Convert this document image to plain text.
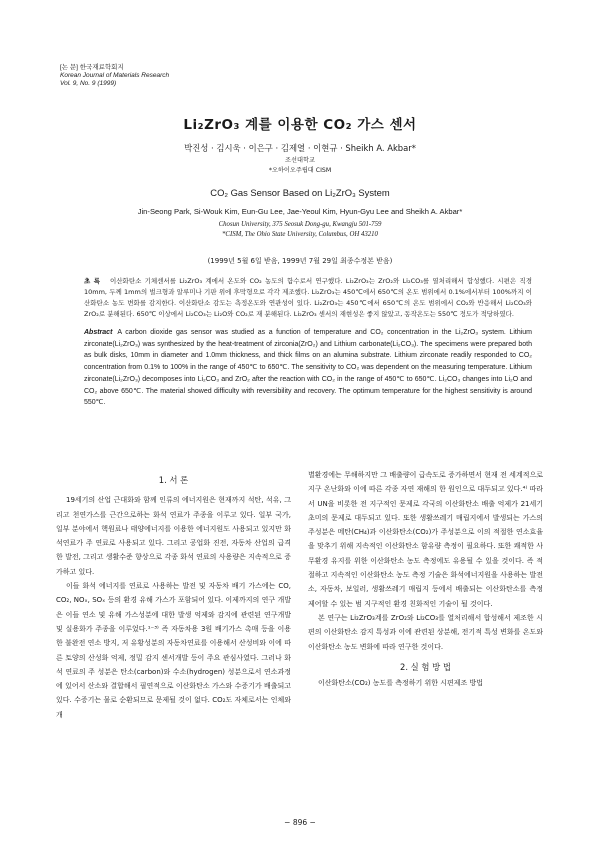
[논 문] 한국재료학회지
Korean Journal of Materials Research
Vol. 9, No. 9 (1999)
Li₂ZrO₃ 계를 이용한 CO₂ 가스 센서
박진성 · 김시욱 · 이은구 · 김제열 · 이현규 · Sheikh A. Akbar*
조선대학교
*오하이오주립대 CISM
CO₂ Gas Sensor Based on Li₂ZrO₃ System
Jin-Seong Park, Si-Wouk Kim, Eun-Gu Lee, Jae-Yeoul Kim, Hyun-Gyu Lee and Sheikh A. Akbar*
Chosun University, 375 Seosuk Dong-gu, Kwangju 501-759
*CISM, The Ohio State University, Columbus, OH 43210
(1999년 5월 6일 받음, 1999년 7월 29일 최종수정본 받음)
초 록 이산화탄소 기체센서를 Li₂ZrO₃ 계에서 온도와 CO₂ 농도의 함수로서 연구했다. Li₂ZrO₃는 ZrO₂와 Li₂CO₃를 열처리해서 합성했다. 시편은 직경 10mm, 두께 1mm의 벌크형과 알루미나 기판 위에 후막형으로 각각 제조했다. Li₂ZrO₃는 450℃에서 650℃의 온도 범위에서 0.1%에서부터 100%까지 이산화탄소 농도 변화를 감지한다. 이산화탄소 감도는 측정온도와 연관성이 있다. Li₂ZrO₃는 450℃에서 650℃의 온도 범위에서 CO₂와 반응해서 Li₂CO₃와 ZrO₂로 분해된다. 650℃ 이상에서 Li₂CO₃는 Li₂O와 CO₂로 재 분해된다. Li₂ZrO₃ 센서의 재현성은 좋지 않았고, 동작온도는 550℃ 정도가 적당하였다.
Abstract A carbon dioxide gas sensor was studied as a function of temperature and CO₂ concentration in the Li₂ZrO₃ system. Lithium zirconate(Li₂ZrO₃) was synthesized by the heat-treatment of zirconia(ZrO₂) and Lithium carbonate(Li₂CO₃). The specimens were prepared both as bulk disks, 10mm in diameter and 1.0mm thickness, and thick films on an alumina substrate. Lithium zirconate readily responded to CO₂ concentration from 0.1% to 100% in the range of 450℃ to 650℃. The sensitivity to CO₂ was dependent on the measuring temperature. Lithium zirconate(Li₂ZrO₃) decomposes into Li₂CO₃ and ZrO₂ after the reaction with CO₂ in the range of 450℃ to 650℃. Li₂CO₃ changes into Li₂O and CO₂ above 650℃. The material showed difficulty with reversibility and recovery. The optimum temperature for the highest sensitivity is around 550℃.
1. 서 론

19세기의 산업 근대화와 함께 인류의 에너지원은 현재까지 석탄, 석유, 그리고 천연가스를 근간으로하는 화석 연료가 주종을 이루고 있다. 일부 국가, 일부 분야에서 핵원료나 태양에너지를 이용한 에너지원도 사용되고 있지만 화석연료가 주 연료로 사용되고 있다. 그리고 공업화 진전, 자동차 산업의 급격한 발전, 그리고 생활수준 향상으로 각종 화석 연료의 사용량은 지속적으로 증가하고 있다.

이들 화석 에너지를 연료로 사용하는 발전 및 자동차 배기 가스에는 CO, CO₂, NOₓ, SOₓ 등의 환경 유해 가스가 포함되어 있다. 이제까지의 연구 개발은 이들 연소 및 유해 가스성분에 대한 발생 억제와 감지에 관련된 연구개발 및 실용화가 주종을 이루었다.¹⁻³⁾ 즉 자동차용 3원 배기가스 촉매 등을 이용한 불완전 연소 방지, 저 유황성분의 자동차연료를 이용해서 산성비와 이에 따른 토양의 산성화 억제, 정밀 감지 센서개발 등이 주요 관심사였다. 그러나 화석 연료의 주 성분은 탄소(carbon)와 수소(hydrogen) 성분으로서 연소과정에 있어서 산소와 결합해서 필연적으로 이산화탄소 가스와 수증기가 배출되고 있다. 수증기는 물로 순환되므로 문제될 것이 없다. CO₂도 자체로서는 인체와 개

별환경에는 무해하지만 그 배출량이 급속도로 증가하면서 현재 전 세계적으로 지구 온난화와 이에 따른 각종 자연 재해의 한 원인으로 대두되고 있다.⁴⁾ 따라서 UN을 비롯한 전 지구적인 문제로 각국의 이산화탄소 배출 억제가 21세기 초미의 문제로 대두되고 있다. 또한 생활쓰레기 매립지에서 발생되는 가스의 주성분은 메탄(CH₄)과 이산화탄소(CO₂)가 주성분으로 이의 적절한 연소효율을 맞추기 위해 지속적인 이산화탄소 함유량 측정이 필요하다. 또한 쾌적한 사무환경 유지를 위한 이산화탄소 농도 측정에도 유용될 수 있을 것이다. 즉 적절하고 지속적인 이산화탄소 농도 측정 기술은 화석에너지원을 사용하는 발전소, 자동차, 보일러, 생활쓰레기 매립지 등에서 배출되는 이산화탄소를 측정 제어할 수 있는 범 지구적인 환경 친화적인 기술이 될 것이다.

본 연구는 Li₂ZrO₃계를 ZrO₂와 Li₂CO₃를 열처리해서 합성해서 제조한 시편의 이산화탄소 감지 특성과 이에 관련된 상분해, 전기적 특성 변화를 온도와 이산화탄소 농도 변화에 따라 연구한 것이다.

2. 실 험 방 법

이산화탄소(CO₂) 농도를 측정하기 위한 시편제조 방법

− 896 −
